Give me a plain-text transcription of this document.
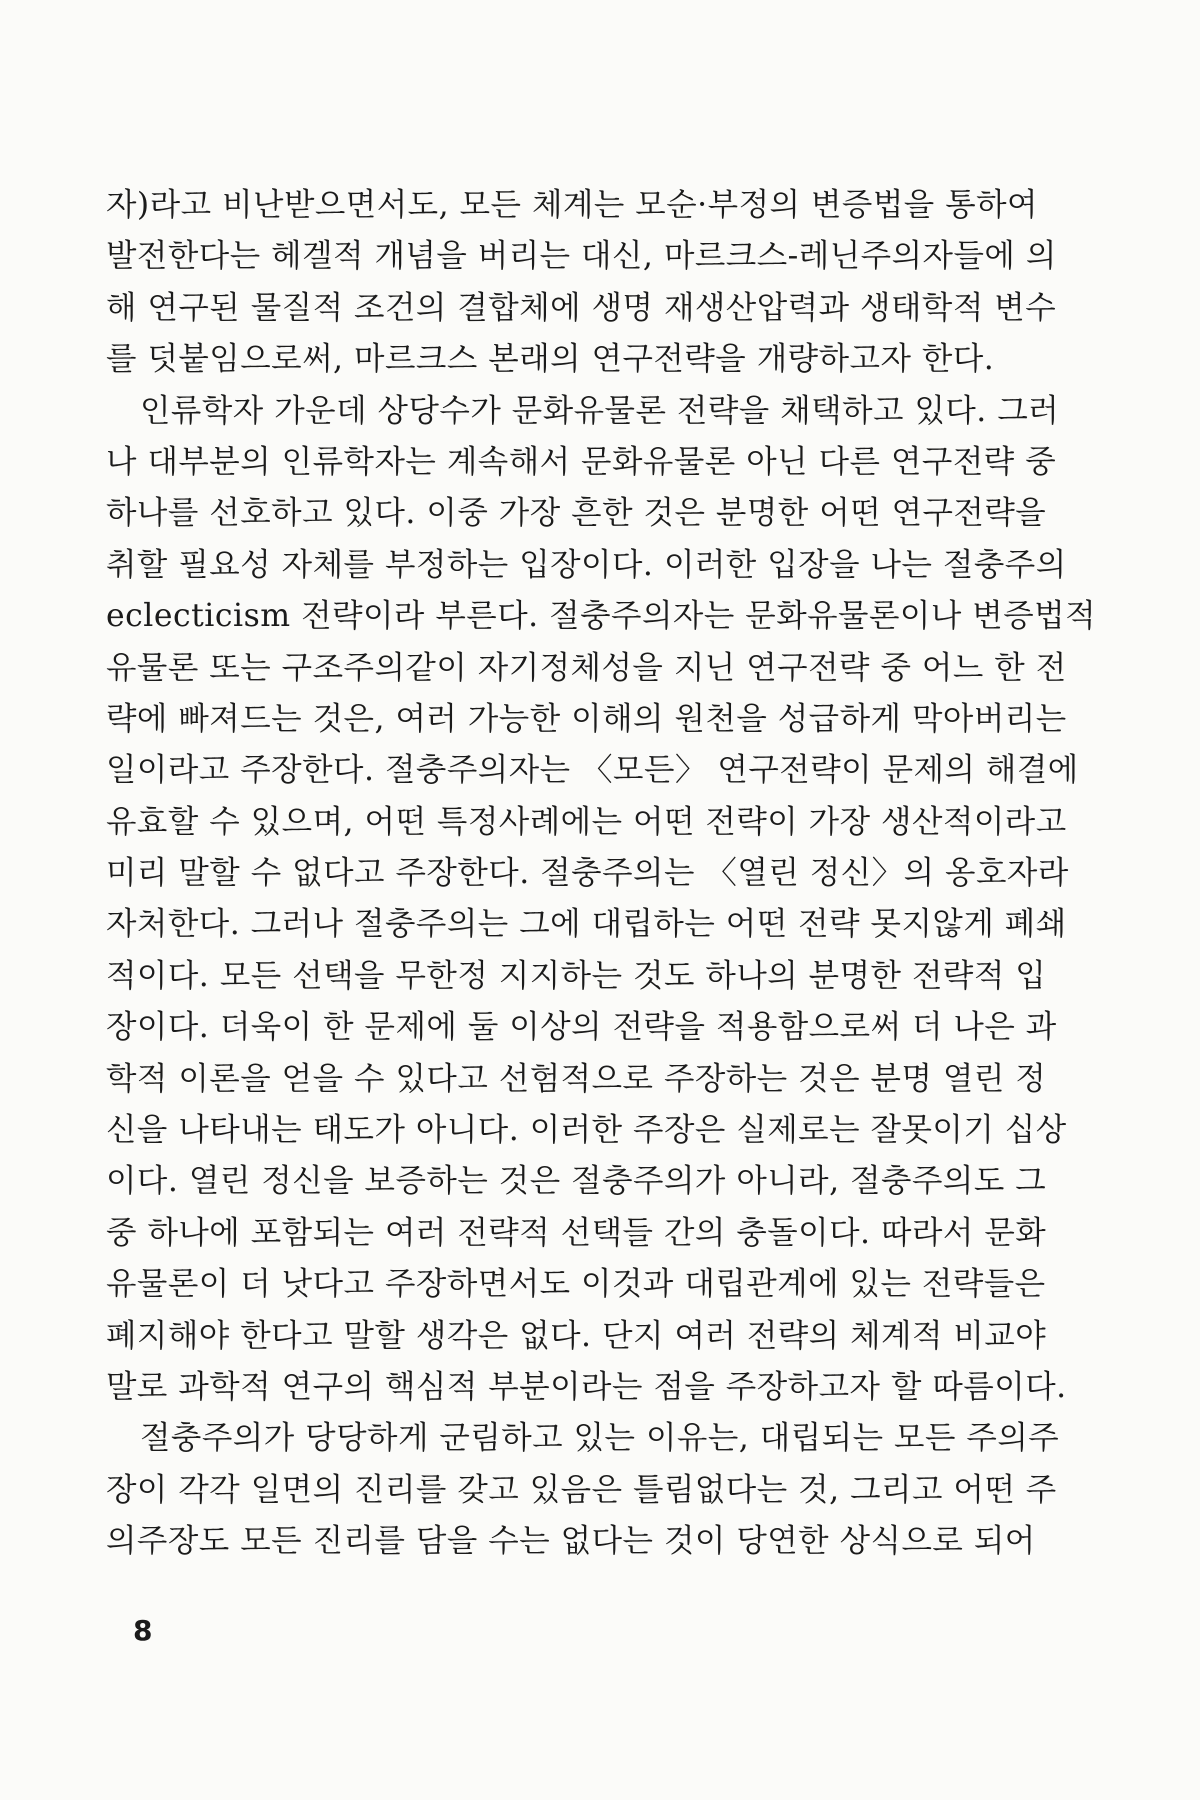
자)라고 비난받으면서도, 모든 체계는 모순·부정의 변증법을 통하여
발전한다는 헤겔적 개념을 버리는 대신, 마르크스-레닌주의자들에 의
해 연구된 물질적 조건의 결합체에 생명 재생산압력과 생태학적 변수
를 덧붙임으로써, 마르크스 본래의 연구전략을 개량하고자 한다.
인류학자 가운데 상당수가 문화유물론 전략을 채택하고 있다. 그러
나 대부분의 인류학자는 계속해서 문화유물론 아닌 다른 연구전략 중
하나를 선호하고 있다. 이중 가장 흔한 것은 분명한 어떤 연구전략을
취할 필요성 자체를 부정하는 입장이다. 이러한 입장을 나는 절충주의
eclecticism 전략이라 부른다. 절충주의자는 문화유물론이나 변증법적
유물론 또는 구조주의같이 자기정체성을 지닌 연구전략 중 어느 한 전
략에 빠져드는 것은, 여러 가능한 이해의 원천을 성급하게 막아버리는
일이라고 주장한다. 절충주의자는 〈모든〉 연구전략이 문제의 해결에
유효할 수 있으며, 어떤 특정사례에는 어떤 전략이 가장 생산적이라고
미리 말할 수 없다고 주장한다. 절충주의는 〈열린 정신〉의 옹호자라
자처한다. 그러나 절충주의는 그에 대립하는 어떤 전략 못지않게 폐쇄
적이다. 모든 선택을 무한정 지지하는 것도 하나의 분명한 전략적 입
장이다. 더욱이 한 문제에 둘 이상의 전략을 적용함으로써 더 나은 과
학적 이론을 얻을 수 있다고 선험적으로 주장하는 것은 분명 열린 정
신을 나타내는 태도가 아니다. 이러한 주장은 실제로는 잘못이기 십상
이다. 열린 정신을 보증하는 것은 절충주의가 아니라, 절충주의도 그
중 하나에 포함되는 여러 전략적 선택들 간의 충돌이다. 따라서 문화
유물론이 더 낫다고 주장하면서도 이것과 대립관계에 있는 전략들은
폐지해야 한다고 말할 생각은 없다. 단지 여러 전략의 체계적 비교야
말로 과학적 연구의 핵심적 부분이라는 점을 주장하고자 할 따름이다.
절충주의가 당당하게 군림하고 있는 이유는, 대립되는 모든 주의주
장이 각각 일면의 진리를 갖고 있음은 틀림없다는 것, 그리고 어떤 주
의주장도 모든 진리를 담을 수는 없다는 것이 당연한 상식으로 되어
8
